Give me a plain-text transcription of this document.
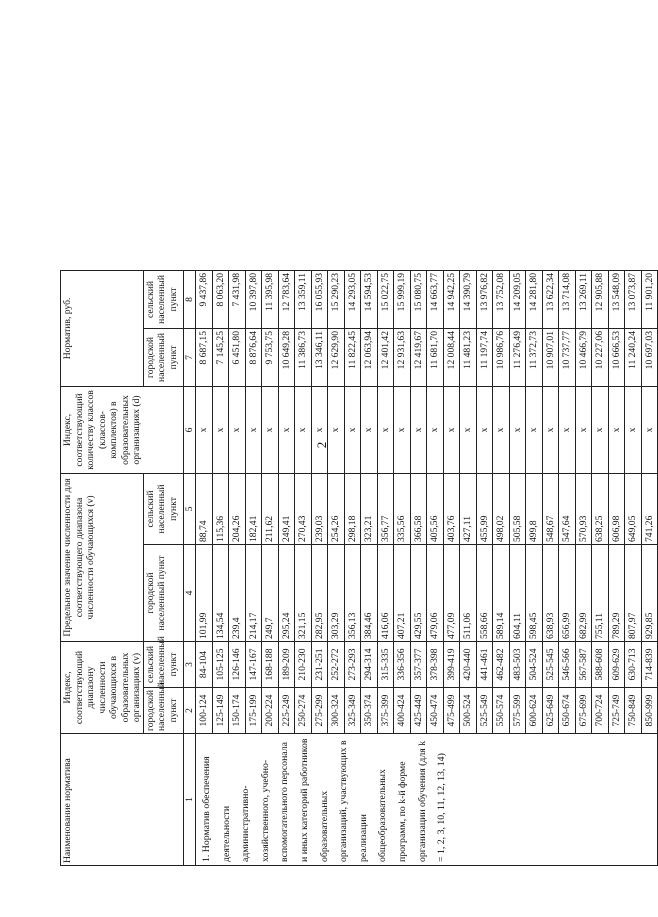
2
Наименование норматива	Индекс, соответствующий диапазону численности обучающихся в образовательных организациях (v)		Предельное значение численности для соответствующего диапазона численности обучающихся (v)		Индекс, соответствующий количеству классов (классов-комплектов) в образовательных организациях (d)	Норматив, руб.		
	городской населенный пункт	сельский населенный пункт	городской населенный пункт	сельский населенный пункт		городской населенный пункт	сельский населенный пункт	
1	2	3	4	5	6	7	8	
1. Норматив обеспечения деятельности административно-хозяйственного, учебно-вспомогательного персонала и иных категорий работников образовательных организаций, участвующих в реализации общеобразовательных программ, по k-й форме организации обучения (для k = 1, 2, 3, 10, 11, 12, 13, 14)	100-124	84-104	101,99	88,74	x	8 687,15	9 437,86	
	125-149	105-125	134,54	115,36	x	7 145,25	8 063,20	
	150-174	126-146	239,4	204,26	x	6 451,80	7 431,98	
	175-199	147-167	214,17	182,41	x	8 876,64	10 397,80	
	200-224	168-188	249,7	211,62	x	9 753,75	11 395,98	
	225-249	189-209	295,24	249,41	x	10 649,28	12 783,64	
	250-274	210-230	321,15	270,43	x	11 386,73	13 359,11	
	275-299	231-251	282,95	239,03	x	13 346,11	16 055,93	
	300-324	252-272	303,29	254,26	x	12 629,90	15 290,23	
	325-349	273-293	356,13	298,18	x	11 822,45	14 293,05	
	350-374	294-314	384,46	323,21	x	12 063,94	14 594,53	
	375-399	315-335	416,06	356,77	x	12 401,42	15 022,75	
	400-424	336-356	407,21	335,56	x	12 931,63	15 999,19	
	425-449	357-377	429,55	366,58	x	12 419,67	15 080,75	
	450-474	378-398	479,06	405,56	x	11 681,70	14 663,77	
	475-499	399-419	477,09	403,76	x	12 008,44	14 942,25	
	500-524	420-440	511,06	427,11	x	11 481,23	14 390,79	
	525-549	441-461	558,66	455,99	x	11 197,74	13 976,82	
	550-574	462-482	589,14	498,02	x	10 986,76	13 752,08	
	575-599	483-503	604,11	505,58	x	11 276,49	14 209,05	
	600-624	504-524	598,45	499,8	x	11 372,73	14 281,80	
	625-649	525-545	638,93	548,67	x	10 907,01	13 622,34	
	650-674	546-566	656,99	547,64	x	10 737,77	13 714,08	
	675-699	567-587	682,99	570,93	x	10 466,79	13 269,11	
	700-724	588-608	755,11	638,25	x	10 227,06	12 905,88	
	725-749	609-629	789,29	606,98	x	10 666,53	13 548,09	
	750-849	630-713	807,97	649,05	x	11 240,24	13 073,87	
	850-999	714-839	929,85	741,26	x	10 697,03	11 901,20	
